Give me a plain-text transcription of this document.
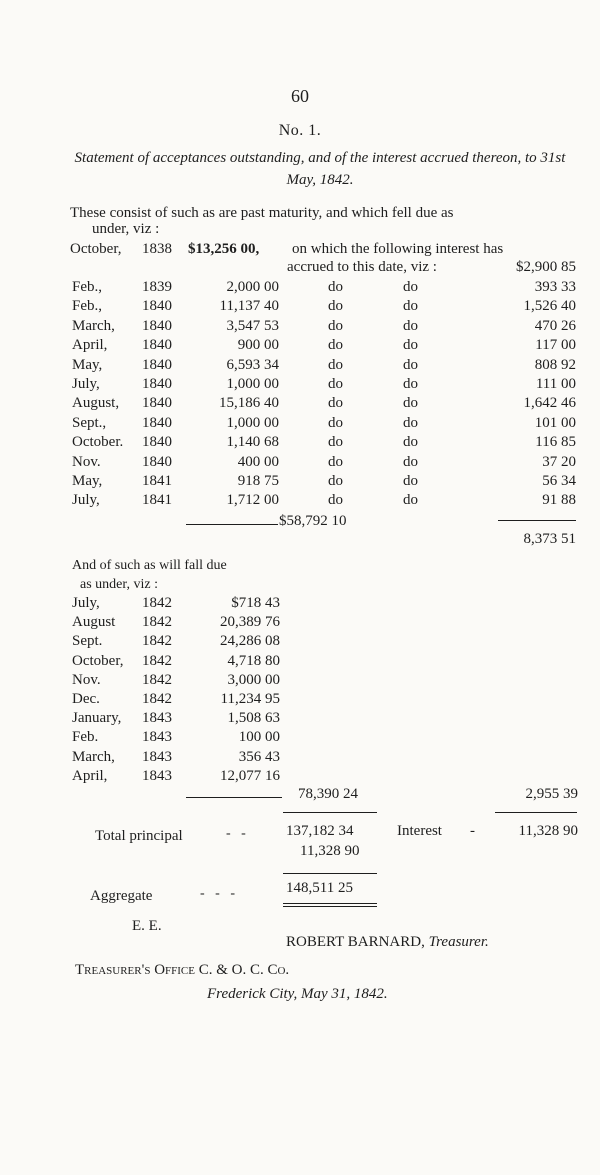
60
No. 1.
Statement of acceptances outstanding, and of the interest accrued thereon, to 31st May, 1842.
These consist of such as are past maturity, and which fell due as
under, viz :
October, 1838 $13,256 00, on which the following interest has
accrued to this date, viz :	$2,900 85
Feb.,	1839	2,000 00	do	do	393 33
Feb.,	1840	11,137 40	do	do	1,526 40
March, 1840	3,547 53	do	do	470 26
April, 1840	900 00	do	do	117 00
May,	1840	6,593 34	do	do	808 92
July,	1840	1,000 00	do	do	111 00
August, 1840	15,186 40	do	do	1,642 46
Sept., 1840	1,000 00	do	do	101 00
October. 1840	1,140 68	do	do	116 85
Nov.	1840	400 00	do	do	37 20
May,	1841	918 75	do	do	56 34
July,	1841	1,712 00	do	do	91 88
$58,792 10
8,373 51
And of such as will fall due
as under, viz :
July,	1842	$718 43
August 1842	20,389 76
Sept.	1842	24,286 08
October, 1842	4,718 80
Nov.	1842	3,000 00
Dec.	1842	11,234 95
January, 1843	1,508 63
Feb.	1843	100 00
March, 1843	356 43
April, 1843	12,077 16
78,390 24	2,955 39
Total principal	-   -	137,182 34	Interest -	11,328 90
11,328 90
Aggregate	-   -   -	148,511 25
E. E.
ROBERT BARNARD, Treasurer.
Treasurer's Office C. & O. C. Co.
Frederick City, May 31, 1842.
